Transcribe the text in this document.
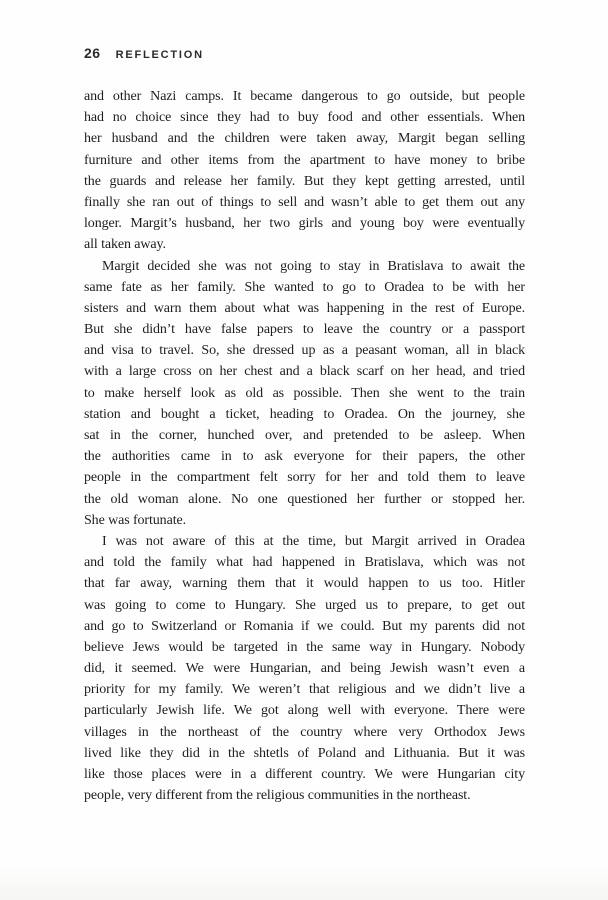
26 REFLECTION
and other Nazi camps. It became dangerous to go outside, but people
had no choice since they had to buy food and other essentials. When
her husband and the children were taken away, Margit began selling
furniture and other items from the apartment to have money to bribe
the guards and release her family. But they kept getting arrested, until
finally she ran out of things to sell and wasn’t able to get them out any
longer. Margit’s husband, her two girls and young boy were eventually
all taken away.
Margit decided she was not going to stay in Bratislava to await the
same fate as her family. She wanted to go to Oradea to be with her
sisters and warn them about what was happening in the rest of Europe.
But she didn’t have false papers to leave the country or a passport
and visa to travel. So, she dressed up as a peasant woman, all in black
with a large cross on her chest and a black scarf on her head, and tried
to make herself look as old as possible. Then she went to the train
station and bought a ticket, heading to Oradea. On the journey, she
sat in the corner, hunched over, and pretended to be asleep. When
the authorities came in to ask everyone for their papers, the other
people in the compartment felt sorry for her and told them to leave
the old woman alone. No one questioned her further or stopped her.
She was fortunate.
I was not aware of this at the time, but Margit arrived in Oradea
and told the family what had happened in Bratislava, which was not
that far away, warning them that it would happen to us too. Hitler
was going to come to Hungary. She urged us to prepare, to get out
and go to Switzerland or Romania if we could. But my parents did not
believe Jews would be targeted in the same way in Hungary. Nobody
did, it seemed. We were Hungarian, and being Jewish wasn’t even a
priority for my family. We weren’t that religious and we didn’t live a
particularly Jewish life. We got along well with everyone. There were
villages in the northeast of the country where very Orthodox Jews
lived like they did in the shtetls of Poland and Lithuania. But it was
like those places were in a different country. We were Hungarian city
people, very different from the religious communities in the northeast.
